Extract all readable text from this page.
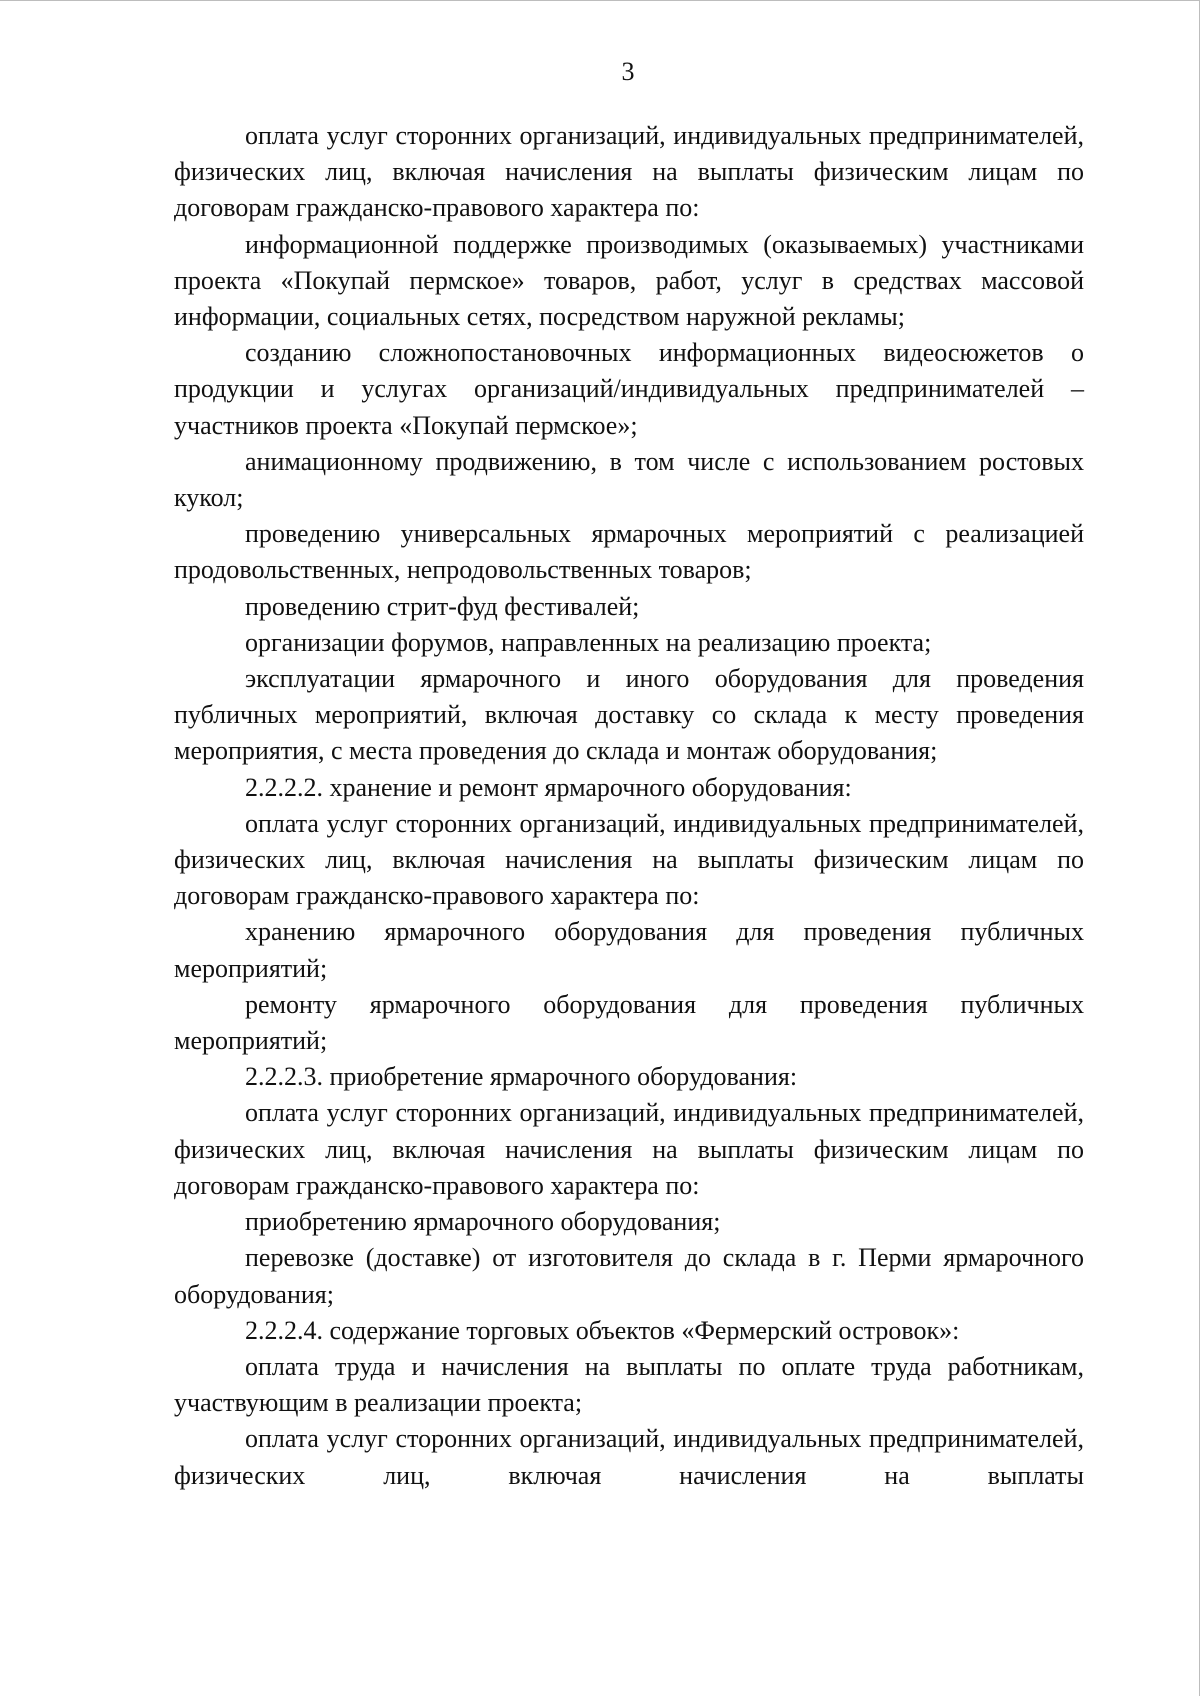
3

оплата услуг сторонних организаций, индивидуальных предпринимателей, физических лиц, включая начисления на выплаты физическим лицам по договорам гражданско-правового характера по:

информационной поддержке производимых (оказываемых) участниками проекта «Покупай пермское» товаров, работ, услуг в средствах массовой информации, социальных сетях, посредством наружной рекламы;

созданию сложнопостановочных информационных видеосюжетов о продукции и услугах организаций/индивидуальных предпринимателей – участников проекта «Покупай пермское»;

анимационному продвижению, в том числе с использованием ростовых кукол;

проведению универсальных ярмарочных мероприятий с реализацией продовольственных, непродовольственных товаров;

проведению стрит-фуд фестивалей;

организации форумов, направленных на реализацию проекта;

эксплуатации ярмарочного и иного оборудования для проведения публичных мероприятий, включая доставку со склада к месту проведения мероприятия, с места проведения до склада и монтаж оборудования;

2.2.2.2. хранение и ремонт ярмарочного оборудования:

оплата услуг сторонних организаций, индивидуальных предпринимателей, физических лиц, включая начисления на выплаты физическим лицам по договорам гражданско-правового характера по:

хранению ярмарочного оборудования для проведения публичных мероприятий;

ремонту ярмарочного оборудования для проведения публичных мероприятий;

2.2.2.3. приобретение ярмарочного оборудования:

оплата услуг сторонних организаций, индивидуальных предпринимателей, физических лиц, включая начисления на выплаты физическим лицам по договорам гражданско-правового характера по:

приобретению ярмарочного оборудования;

перевозке (доставке) от изготовителя до склада в г. Перми ярмарочного оборудования;

2.2.2.4. содержание торговых объектов «Фермерский островок»:

оплата труда и начисления на выплаты по оплате труда работникам, участвующим в реализации проекта;

оплата услуг сторонних организаций, индивидуальных предпринимателей, физических лиц, включая начисления на выплаты
